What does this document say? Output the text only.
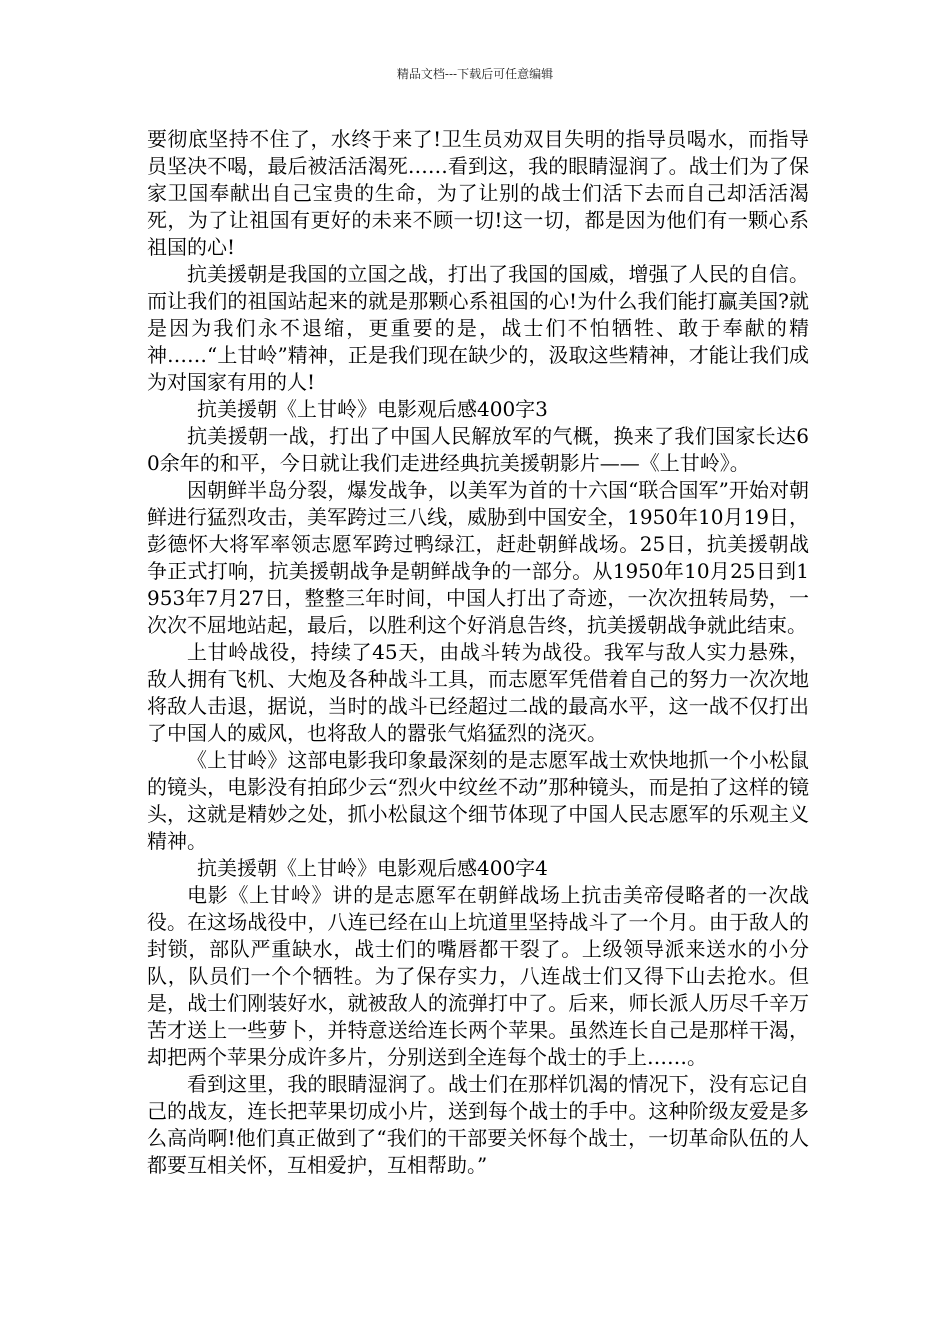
精品文档---下载后可任意编辑

要彻底坚持不住了，水终于来了!卫生员劝双目失明的指导员喝水，而指导员坚决不喝，最后被活活渴死……看到这，我的眼睛湿润了。战士们为了保家卫国奉献出自己宝贵的生命，为了让别的战士们活下去而自己却活活渴死，为了让祖国有更好的未来不顾一切!这一切，都是因为他们有一颗心系祖国的心!

抗美援朝是我国的立国之战，打出了我国的国威，增强了人民的自信。而让我们的祖国站起来的就是那颗心系祖国的心!为什么我们能打赢美国?就是因为我们永不退缩，更重要的是，战士们不怕牺牲、敢于奉献的精神……“上甘岭”精神，正是我们现在缺少的，汲取这些精神，才能让我们成为对国家有用的人!

抗美援朝《上甘岭》电影观后感400字3

抗美援朝一战，打出了中国人民解放军的气概，换来了我们国家长达60余年的和平，今日就让我们走进经典抗美援朝影片——《上甘岭》。

因朝鲜半岛分裂，爆发战争，以美军为首的十六国“联合国军”开始对朝鲜进行猛烈攻击，美军跨过三八线，威胁到中国安全，1950年10月19日，彭德怀大将军率领志愿军跨过鸭绿江，赶赴朝鲜战场。25日，抗美援朝战争正式打响，抗美援朝战争是朝鲜战争的一部分。从1950年10月25日到1953年7月27日，整整三年时间，中国人打出了奇迹，一次次扭转局势，一次次不屈地站起，最后，以胜利这个好消息告终，抗美援朝战争就此结束。

上甘岭战役，持续了45天，由战斗转为战役。我军与敌人实力悬殊，敌人拥有飞机、大炮及各种战斗工具，而志愿军凭借着自己的努力一次次地将敌人击退，据说，当时的战斗已经超过二战的最高水平，这一战不仅打出了中国人的威风，也将敌人的嚣张气焰猛烈的浇灭。

《上甘岭》这部电影我印象最深刻的是志愿军战士欢快地抓一个小松鼠的镜头，电影没有拍邱少云“烈火中纹丝不动”那种镜头，而是拍了这样的镜头，这就是精妙之处，抓小松鼠这个细节体现了中国人民志愿军的乐观主义精神。

抗美援朝《上甘岭》电影观后感400字4

电影《上甘岭》讲的是志愿军在朝鲜战场上抗击美帝侵略者的一次战役。在这场战役中，八连已经在山上坑道里坚持战斗了一个月。由于敌人的封锁，部队严重缺水，战士们的嘴唇都干裂了。上级领导派来送水的小分队，队员们一个个牺牲。为了保存实力，八连战士们又得下山去抢水。但是，战士们刚装好水，就被敌人的流弹打中了。后来，师长派人历尽千辛万苦才送上一些萝卜，并特意送给连长两个苹果。虽然连长自己是那样干渴，却把两个苹果分成许多片，分别送到全连每个战士的手上……。

看到这里，我的眼睛湿润了。战士们在那样饥渴的情况下，没有忘记自己的战友，连长把苹果切成小片，送到每个战士的手中。这种阶级友爱是多么高尚啊!他们真正做到了“我们的干部要关怀每个战士，一切革命队伍的人都要互相关怀，互相爱护，互相帮助。”
